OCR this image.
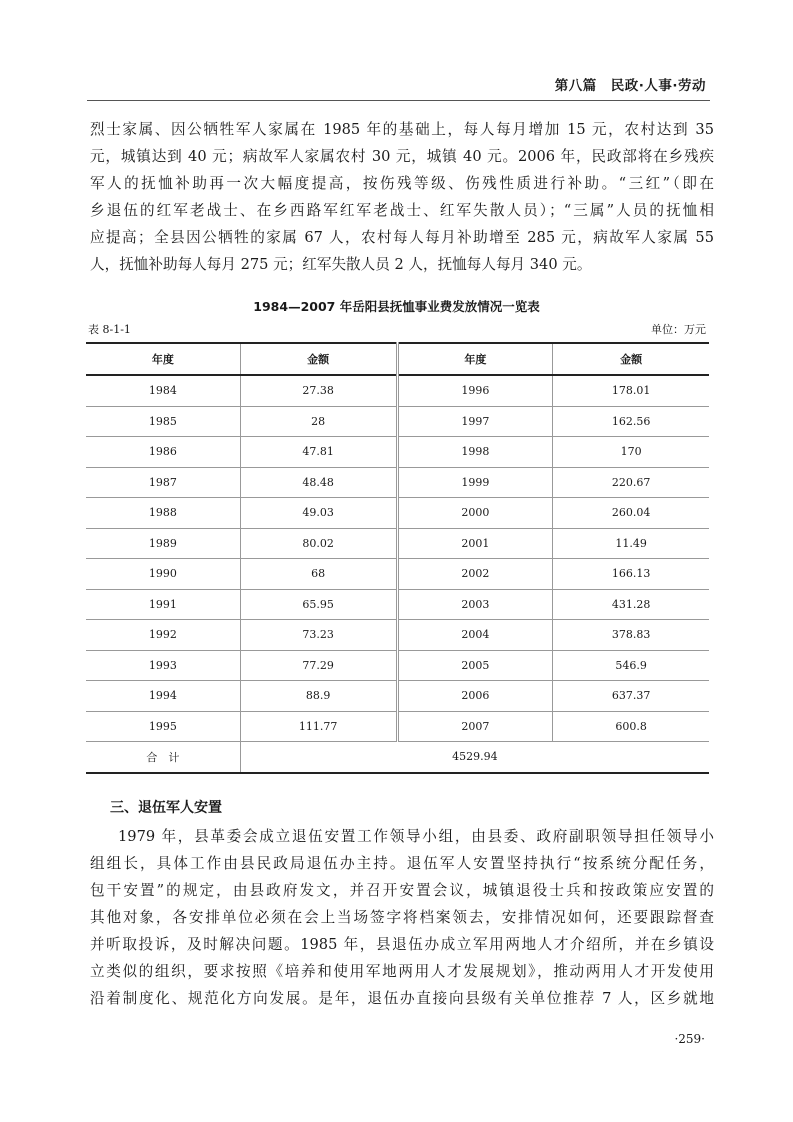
第八篇　民政·人事·劳动
烈士家属、因公牺牲军人家属在 1985 年的基础上，每人每月增加 15 元，农村达到 35
元，城镇达到 40 元；病故军人家属农村 30 元，城镇 40 元。2006 年，民政部将在乡残疾
军人的抚恤补助再一次大幅度提高，按伤残等级、伤残性质进行补助。“三红”（即在
乡退伍的红军老战士、在乡西路军红军老战士、红军失散人员）；“三属”人员的抚恤相
应提高；全县因公牺牲的家属 67 人，农村每人每月补助增至 285 元，病故军人家属 55
人，抚恤补助每人每月 275 元；红军失散人员 2 人，抚恤每人每月 340 元。
1984—2007 年岳阳县抚恤事业费发放情况一览表
表 8-1-1	单位：万元
年度	金额	年度	金额
1984	27.38	1996	178.01
1985	28	1997	162.56
1986	47.81	1998	170
1987	48.48	1999	220.67
1988	49.03	2000	260.04
1989	80.02	2001	11.49
1990	68	2002	166.13
1991	65.95	2003	431.28
1992	73.23	2004	378.83
1993	77.29	2005	546.9
1994	88.9	2006	637.37
1995	111.77	2007	600.8
合　计	4529.94		
三、退伍军人安置
1979 年，县革委会成立退伍安置工作领导小组，由县委、政府副职领导担任领导小
组组长，具体工作由县民政局退伍办主持。退伍军人安置坚持执行“按系统分配任务，
包干安置”的规定，由县政府发文，并召开安置会议，城镇退役士兵和按政策应安置的
其他对象，各安排单位必须在会上当场签字将档案领去，安排情况如何，还要跟踪督查
并听取投诉，及时解决问题。1985 年，县退伍办成立军用两地人才介绍所，并在乡镇设
立类似的组织，要求按照《培养和使用军地两用人才发展规划》，推动两用人才开发使用
沿着制度化、规范化方向发展。是年，退伍办直接向县级有关单位推荐 7 人，区乡就地
·259·
